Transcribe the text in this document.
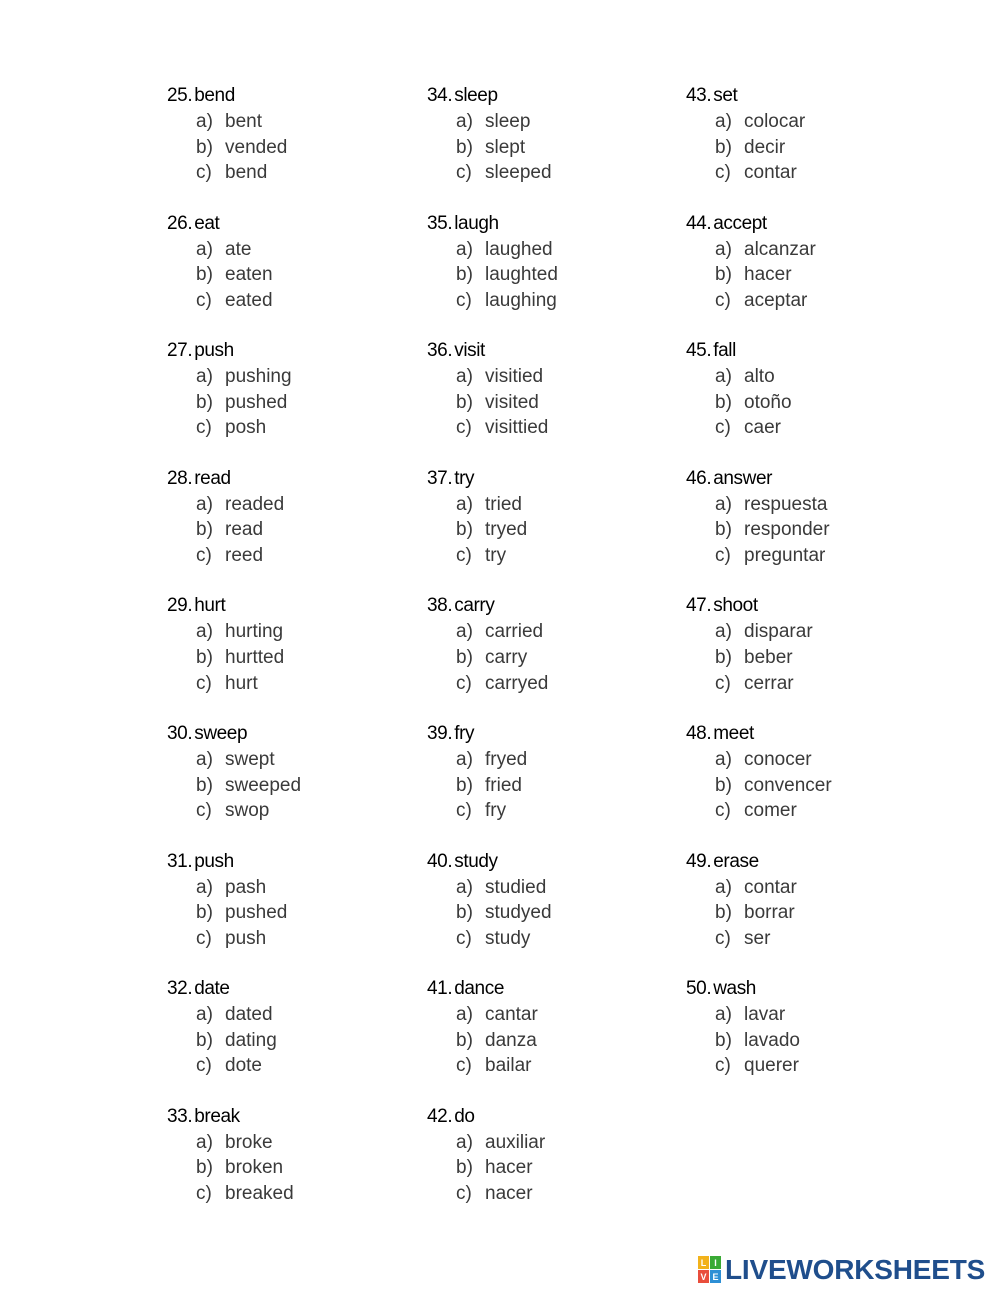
25. bend
a) bent
b) vended
c) bend
26. eat
a) ate
b) eaten
c) eated
27. push
a) pushing
b) pushed
c) posh
28. read
a) readed
b) read
c) reed
29. hurt
a) hurting
b) hurtted
c) hurt
30. sweep
a) swept
b) sweeped
c) swop
31. push
a) pash
b) pushed
c) push
32. date
a) dated
b) dating
c) dote
33. break
a) broke
b) broken
c) breaked
34. sleep
a) sleep
b) slept
c) sleeped
35. laugh
a) laughed
b) laughted
c) laughing
36. visit
a) visitied
b) visited
c) visittied
37. try
a) tried
b) tryed
c) try
38. carry
a) carried
b) carry
c) carryed
39. fry
a) fryed
b) fried
c) fry
40. study
a) studied
b) studyed
c) study
41. dance
a) cantar
b) danza
c) bailar
42. do
a) auxiliar
b) hacer
c) nacer
43. set
a) colocar
b) decir
c) contar
44. accept
a) alcanzar
b) hacer
c) aceptar
45. fall
a) alto
b) otoño
c) caer
46. answer
a) respuesta
b) responder
c) preguntar
47. shoot
a) disparar
b) beber
c) cerrar
48. meet
a) conocer
b) convencer
c) comer
49. erase
a) contar
b) borrar
c) ser
50. wash
a) lavar
b) lavado
c) querer
L I
V E LIVEWORKSHEETS
